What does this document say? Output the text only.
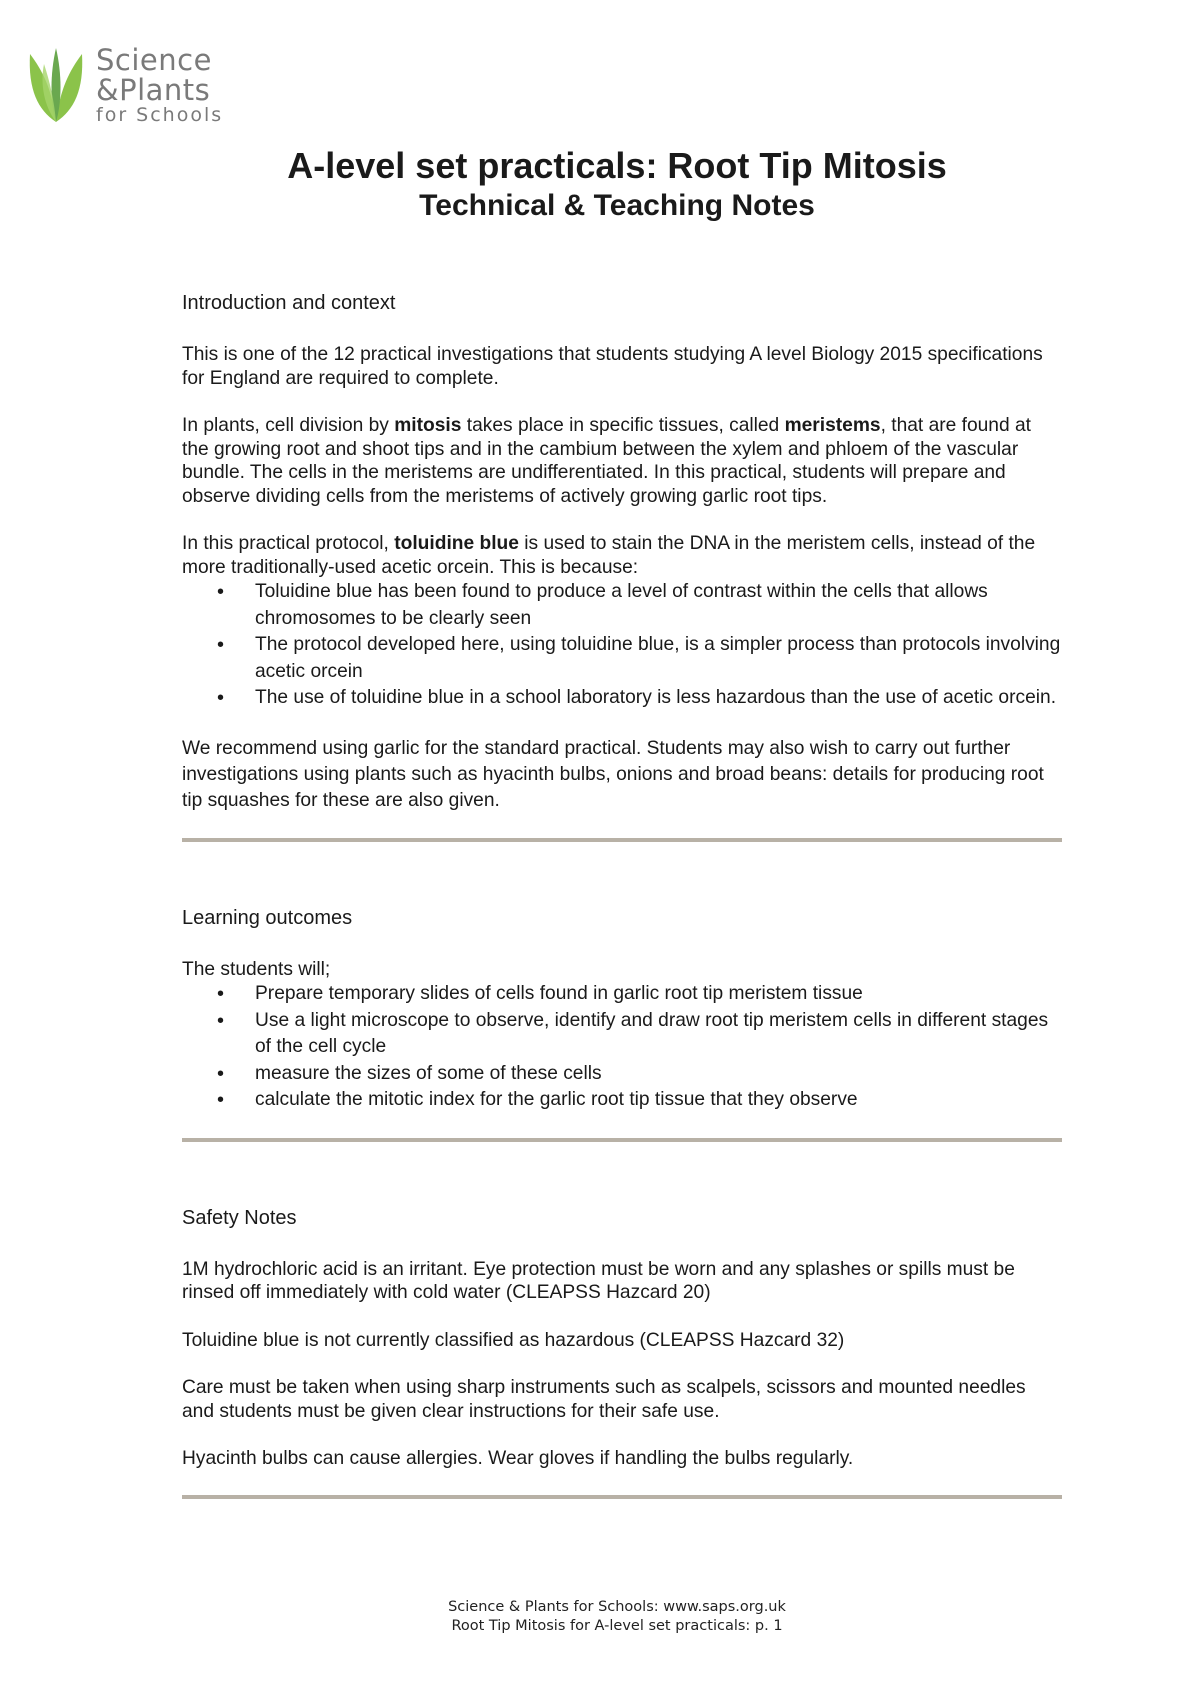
Science
&Plants
for Schools
A-level set practicals: Root Tip Mitosis
Technical & Teaching Notes
Introduction and context

This is one of the 12 practical investigations that students studying A level Biology 2015 specifications for England are required to complete.

In plants, cell division by mitosis takes place in specific tissues, called meristems, that are found at the growing root and shoot tips and in the cambium between the xylem and phloem of the vascular bundle. The cells in the meristems are undifferentiated. In this practical, students will prepare and observe dividing cells from the meristems of actively growing garlic root tips.

In this practical protocol, toluidine blue is used to stain the DNA in the meristem cells, instead of the more traditionally-used acetic orcein. This is because:

• Toluidine blue has been found to produce a level of contrast within the cells that allows chromosomes to be clearly seen
• The protocol developed here, using toluidine blue, is a simpler process than protocols involving acetic orcein
• The use of toluidine blue in a school laboratory is less hazardous than the use of acetic orcein.

We recommend using garlic for the standard practical. Students may also wish to carry out further investigations using plants such as hyacinth bulbs, onions and broad beans: details for producing root tip squashes for these are also given.

Learning outcomes

The students will;

• Prepare temporary slides of cells found in garlic root tip meristem tissue
• Use a light microscope to observe, identify and draw root tip meristem cells in different stages of the cell cycle
• measure the sizes of some of these cells
• calculate the mitotic index for the garlic root tip tissue that they observe
Safety Notes

1M hydrochloric acid is an irritant. Eye protection must be worn and any splashes or spills must be rinsed off immediately with cold water (CLEAPSS Hazcard 20)

Toluidine blue is not currently classified as hazardous (CLEAPSS Hazcard 32)

Care must be taken when using sharp instruments such as scalpels, scissors and mounted needles and students must be given clear instructions for their safe use.

Hyacinth bulbs can cause allergies. Wear gloves if handling the bulbs regularly.

Science & Plants for Schools: www.saps.org.uk
Root Tip Mitosis for A-level set practicals: p. 1
